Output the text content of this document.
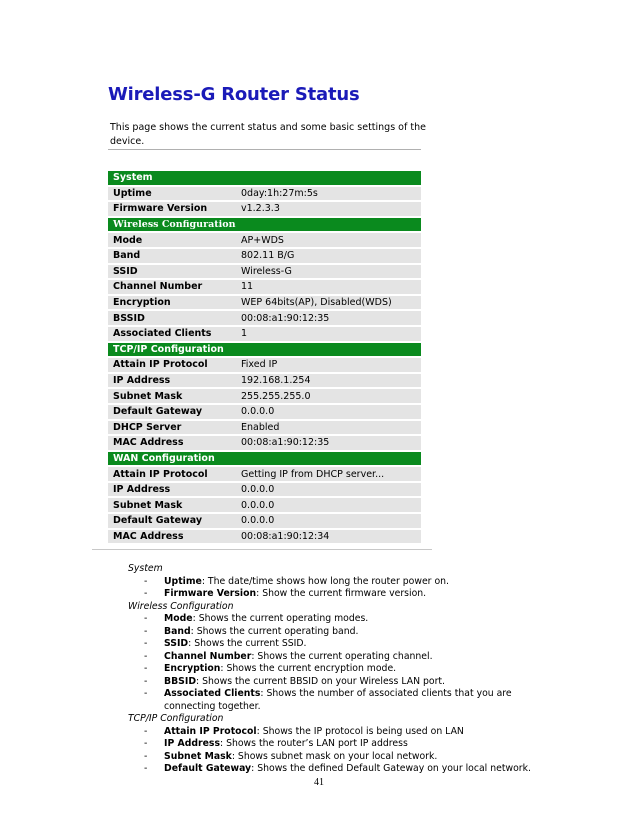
Wireless-G Router Status
This page shows the current status and some basic settings of the device.
System	
Uptime	0day:1h:27m:5s
Firmware Version	v1.2.3.3
Wireless Configuration	
Mode	AP+WDS
Band	802.11 B/G
SSID	Wireless-G
Channel Number	11
Encryption	WEP 64bits(AP), Disabled(WDS)
BSSID	00:08:a1:90:12:35
Associated Clients	1
TCP/IP Configuration	
Attain IP Protocol	Fixed IP
IP Address	192.168.1.254
Subnet Mask	255.255.255.0
Default Gateway	0.0.0.0
DHCP Server	Enabled
MAC Address	00:08:a1:90:12:35
WAN Configuration	
Attain IP Protocol	Getting IP from DHCP server...
IP Address	0.0.0.0
Subnet Mask	0.0.0.0
Default Gateway	0.0.0.0
MAC Address	00:08:a1:90:12:34
System
-	Uptime: The date/time shows how long the router power on.
-	Firmware Version: Show the current firmware version.
Wireless Configuration
-	Mode: Shows the current operating modes.
-	Band: Shows the current operating band.
-	SSID: Shows the current SSID.
-	Channel Number: Shows the current operating channel.
-	Encryption: Shows the current encryption mode.
-	BBSID: Shows the current BBSID on your Wireless LAN port.
-	Associated Clients: Shows the number of associated clients that you are connecting together.
TCP/IP Configuration
-	Attain IP Protocol: Shows the IP protocol is being used on LAN
-	IP Address: Shows the router’s LAN port IP address
-	Subnet Mask: Shows subnet mask on your local network.
-	Default Gateway: Shows the defined Default Gateway on your local network.
41
